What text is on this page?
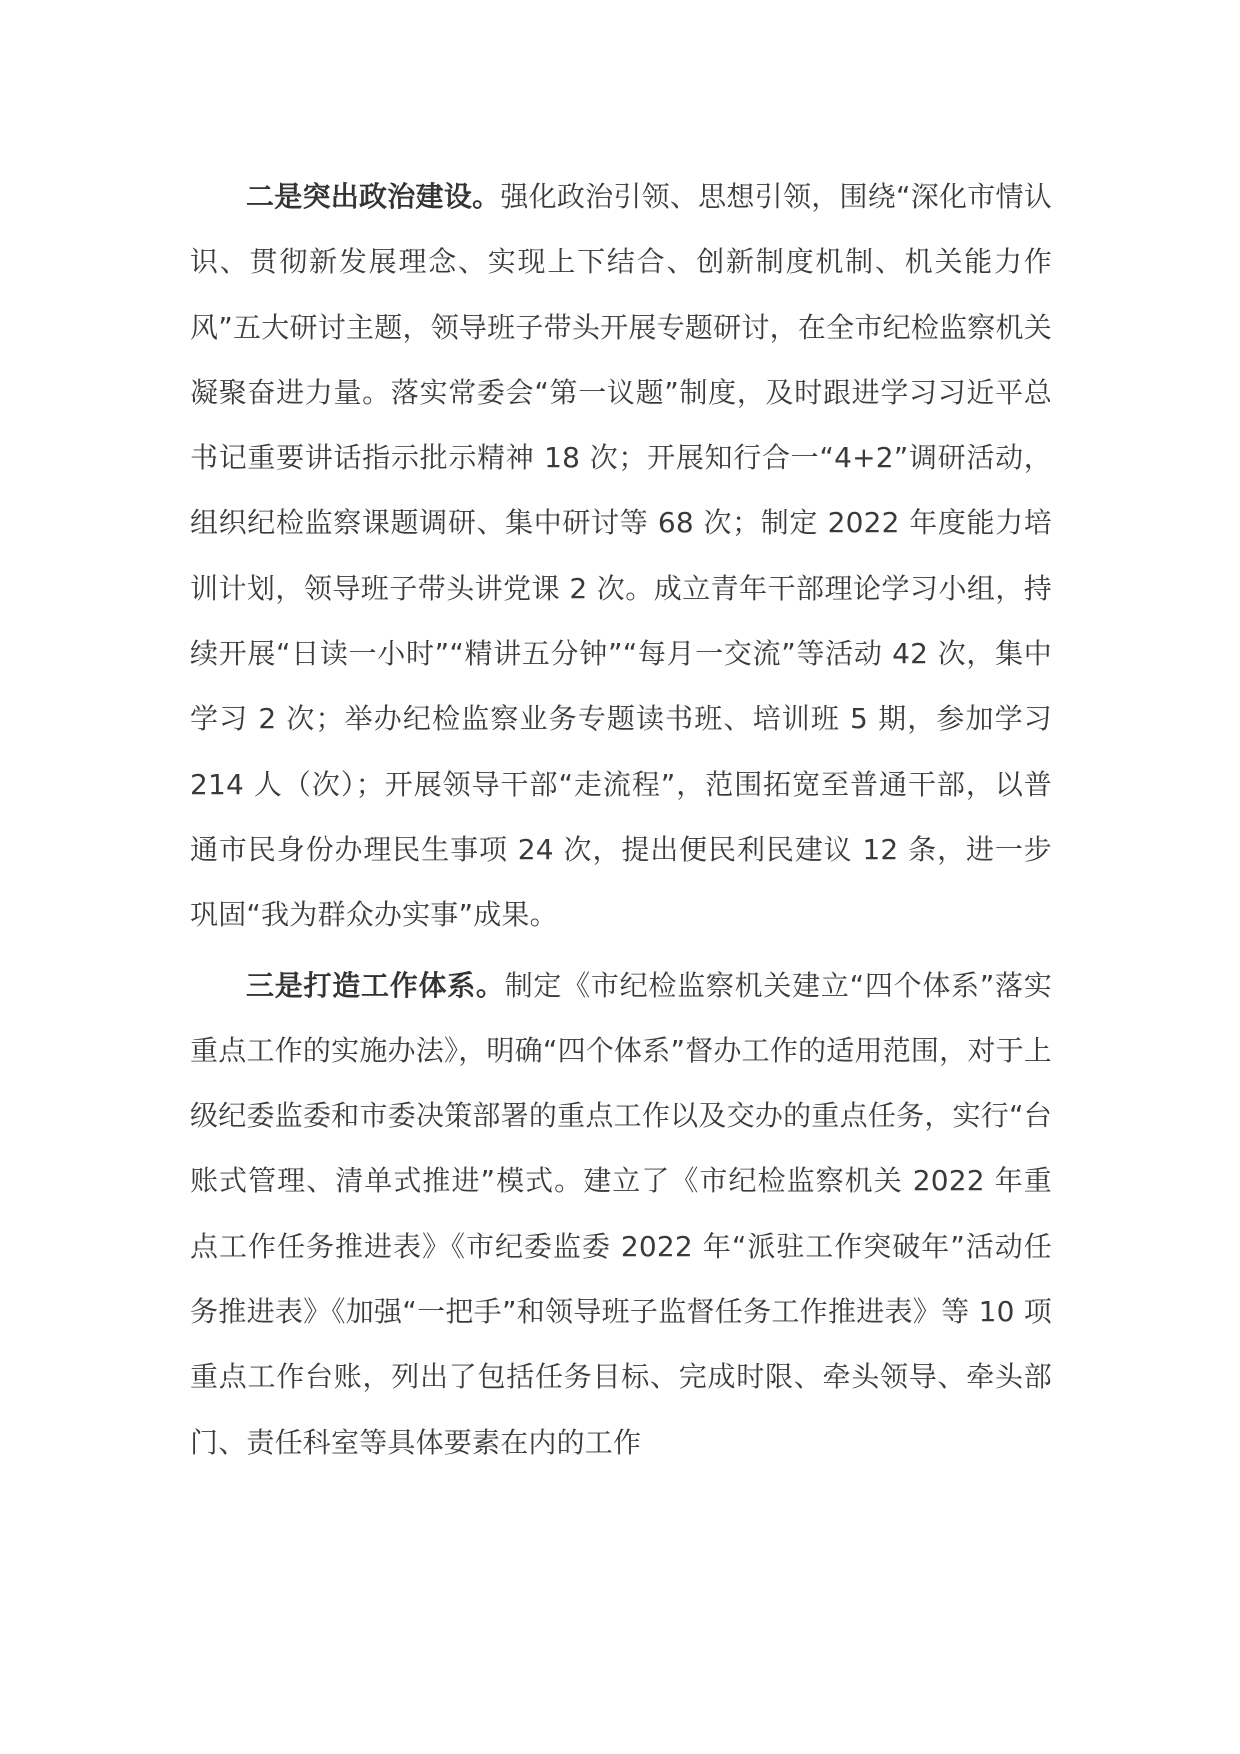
二是突出政治建设。强化政治引领、思想引领，围绕“深化市情认识、贯彻新发展理念、实现上下结合、创新制度机制、机关能力作风”五大研讨主题，领导班子带头开展专题研讨，在全市纪检监察机关凝聚奋进力量。落实常委会“第一议题”制度，及时跟进学习习近平总书记重要讲话指示批示精神 18 次；开展知行合一“4+2”调研活动，组织纪检监察课题调研、集中研讨等 68 次；制定 2022 年度能力培训计划，领导班子带头讲党课 2 次。成立青年干部理论学习小组，持续开展“日读一小时”“精讲五分钟”“每月一交流”等活动 42 次，集中学习 2 次；举办纪检监察业务专题读书班、培训班 5 期，参加学习 214 人（次）；开展领导干部“走流程”，范围拓宽至普通干部，以普通市民身份办理民生事项 24 次，提出便民利民建议 12 条，进一步巩固“我为群众办实事”成果。

三是打造工作体系。制定《市纪检监察机关建立“四个体系”落实重点工作的实施办法》，明确“四个体系”督办工作的适用范围，对于上级纪委监委和市委决策部署的重点工作以及交办的重点任务，实行“台账式管理、清单式推进”模式。建立了《市纪检监察机关 2022 年重点工作任务推进表》《市纪委监委 2022 年“派驻工作突破年”活动任务推进表》《加强“一把手”和领导班子监督任务工作推进表》等 10 项重点工作台账，列出了包括任务目标、完成时限、牵头领导、牵头部门、责任科室等具体要素在内的工作
